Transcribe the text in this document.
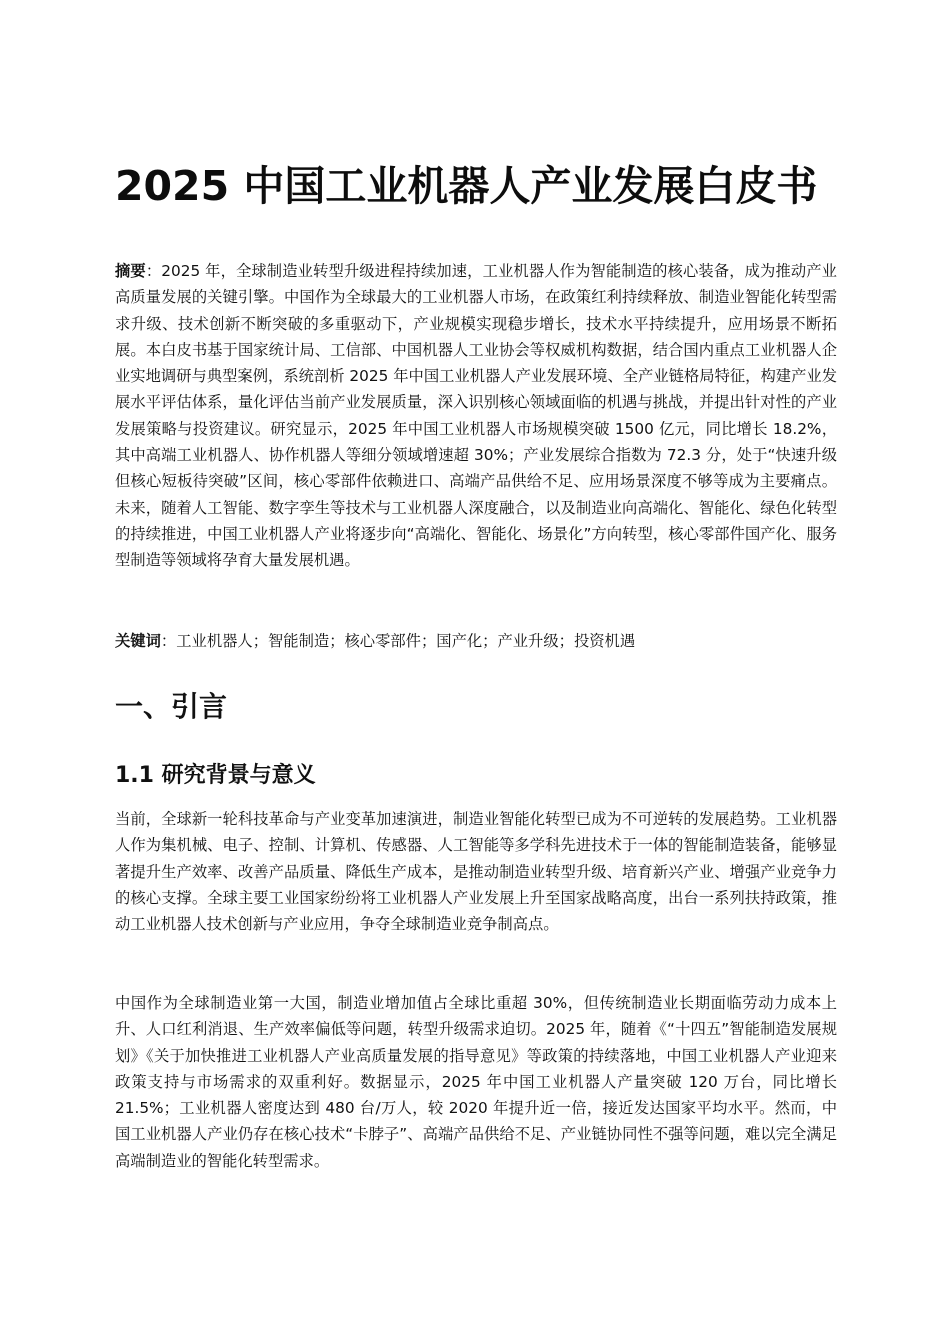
2025 中国工业机器人产业发展白皮书

摘要：2025 年，全球制造业转型升级进程持续加速，工业机器人作为智能制造的核心装备，成为推动产业高质量发展的关键引擎。中国作为全球最大的工业机器人市场，在政策红利持续释放、制造业智能化转型需求升级、技术创新不断突破的多重驱动下，产业规模实现稳步增长，技术水平持续提升，应用场景不断拓展。本白皮书基于国家统计局、工信部、中国机器人工业协会等权威机构数据，结合国内重点工业机器人企业实地调研与典型案例，系统剖析 2025 年中国工业机器人产业发展环境、全产业链格局特征，构建产业发展水平评估体系，量化评估当前产业发展质量，深入识别核心领域面临的机遇与挑战，并提出针对性的产业发展策略与投资建议。研究显示，2025 年中国工业机器人市场规模突破 1500 亿元，同比增长 18.2%，其中高端工业机器人、协作机器人等细分领域增速超 30%；产业发展综合指数为 72.3 分，处于“快速升级但核心短板待突破”区间，核心零部件依赖进口、高端产品供给不足、应用场景深度不够等成为主要痛点。未来，随着人工智能、数字孪生等技术与工业机器人深度融合，以及制造业向高端化、智能化、绿色化转型的持续推进，中国工业机器人产业将逐步向“高端化、智能化、场景化”方向转型，核心零部件国产化、服务型制造等领域将孕育大量发展机遇。

关键词：工业机器人；智能制造；核心零部件；国产化；产业升级；投资机遇

一、引言
1.1 研究背景与意义

当前，全球新一轮科技革命与产业变革加速演进，制造业智能化转型已成为不可逆转的发展趋势。工业机器人作为集机械、电子、控制、计算机、传感器、人工智能等多学科先进技术于一体的智能制造装备，能够显著提升生产效率、改善产品质量、降低生产成本，是推动制造业转型升级、培育新兴产业、增强产业竞争力的核心支撑。全球主要工业国家纷纷将工业机器人产业发展上升至国家战略高度，出台一系列扶持政策，推动工业机器人技术创新与产业应用，争夺全球制造业竞争制高点。

中国作为全球制造业第一大国，制造业增加值占全球比重超 30%，但传统制造业长期面临劳动力成本上升、人口红利消退、生产效率偏低等问题，转型升级需求迫切。2025 年，随着《“十四五”智能制造发展规划》《关于加快推进工业机器人产业高质量发展的指导意见》等政策的持续落地，中国工业机器人产业迎来政策支持与市场需求的双重利好。数据显示，2025 年中国工业机器人产量突破 120 万台，同比增长 21.5%；工业机器人密度达到 480 台/万人，较 2020 年提升近一倍，接近发达国家平均水平。然而，中国工业机器人产业仍存在核心技术“卡脖子”、高端产品供给不足、产业链协同性不强等问题，难以完全满足高端制造业的智能化转型需求。
